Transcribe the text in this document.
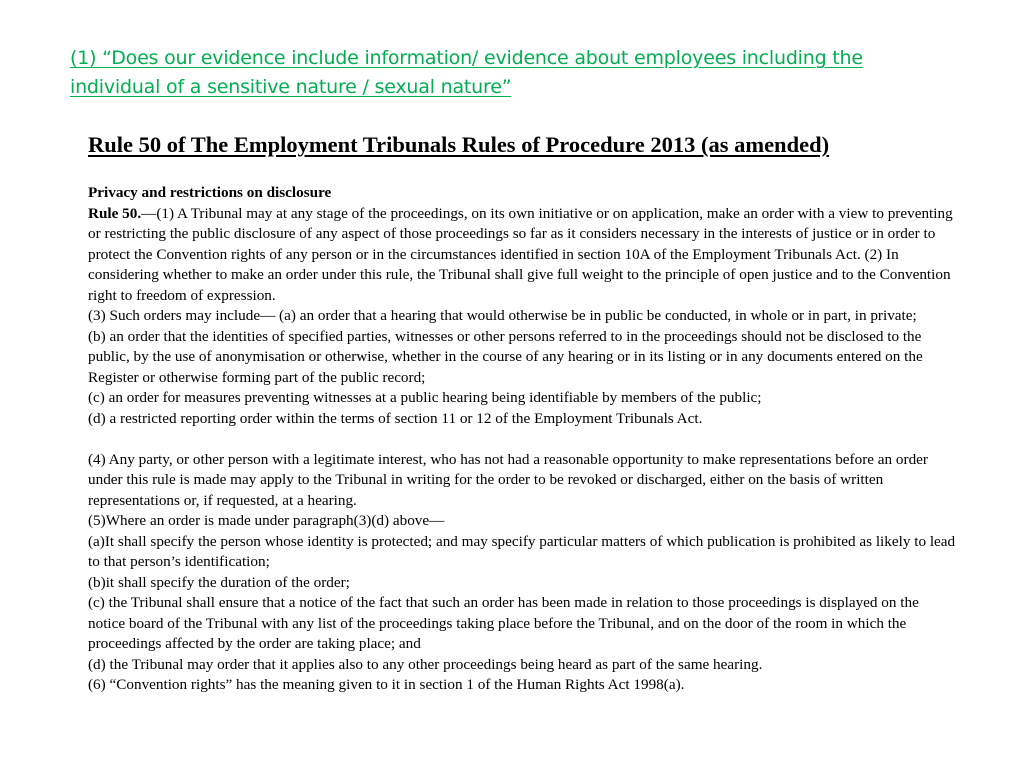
(1) “Does our evidence include information/ evidence about employees including the individual of a sensitive nature / sexual nature”
Rule 50 of The Employment Tribunals Rules of Procedure 2013 (as amended)

Privacy and restrictions on disclosure

Rule 50.—(1) A Tribunal may at any stage of the proceedings, on its own initiative or on application, make an order with a view to preventing or restricting the public disclosure of any aspect of those proceedings so far as it considers necessary in the interests of justice or in order to protect the Convention rights of any person or in the circumstances identified in section 10A of the Employment Tribunals Act. (2) In considering whether to make an order under this rule, the Tribunal shall give full weight to the principle of open justice and to the Convention right to freedom of expression.

(3) Such orders may include— (a) an order that a hearing that would otherwise be in public be conducted, in whole or in part, in private;

(b) an order that the identities of specified parties, witnesses or other persons referred to in the proceedings should not be disclosed to the public, by the use of anonymisation or otherwise, whether in the course of any hearing or in its listing or in any documents entered on the Register or otherwise forming part of the public record;

(c) an order for measures preventing witnesses at a public hearing being identifiable by members of the public;

(d) a restricted reporting order within the terms of section 11 or 12 of the Employment Tribunals Act.

(4) Any party, or other person with a legitimate interest, who has not had a reasonable opportunity to make representations before an order under this rule is made may apply to the Tribunal in writing for the order to be revoked or discharged, either on the basis of written representations or, if requested, at a hearing.

(5)Where an order is made under paragraph(3)(d) above—

(a)It shall specify the person whose identity is protected; and may specify particular matters of which publication is prohibited as likely to lead to that person’s identification;

(b)it shall specify the duration of the order;

(c) the Tribunal shall ensure that a notice of the fact that such an order has been made in relation to those proceedings is displayed on the notice board of the Tribunal with any list of the proceedings taking place before the Tribunal, and on the door of the room in which the proceedings affected by the order are taking place; and

(d) the Tribunal may order that it applies also to any other proceedings being heard as part of the same hearing.

(6) “Convention rights” has the meaning given to it in section 1 of the Human Rights Act 1998(a).
